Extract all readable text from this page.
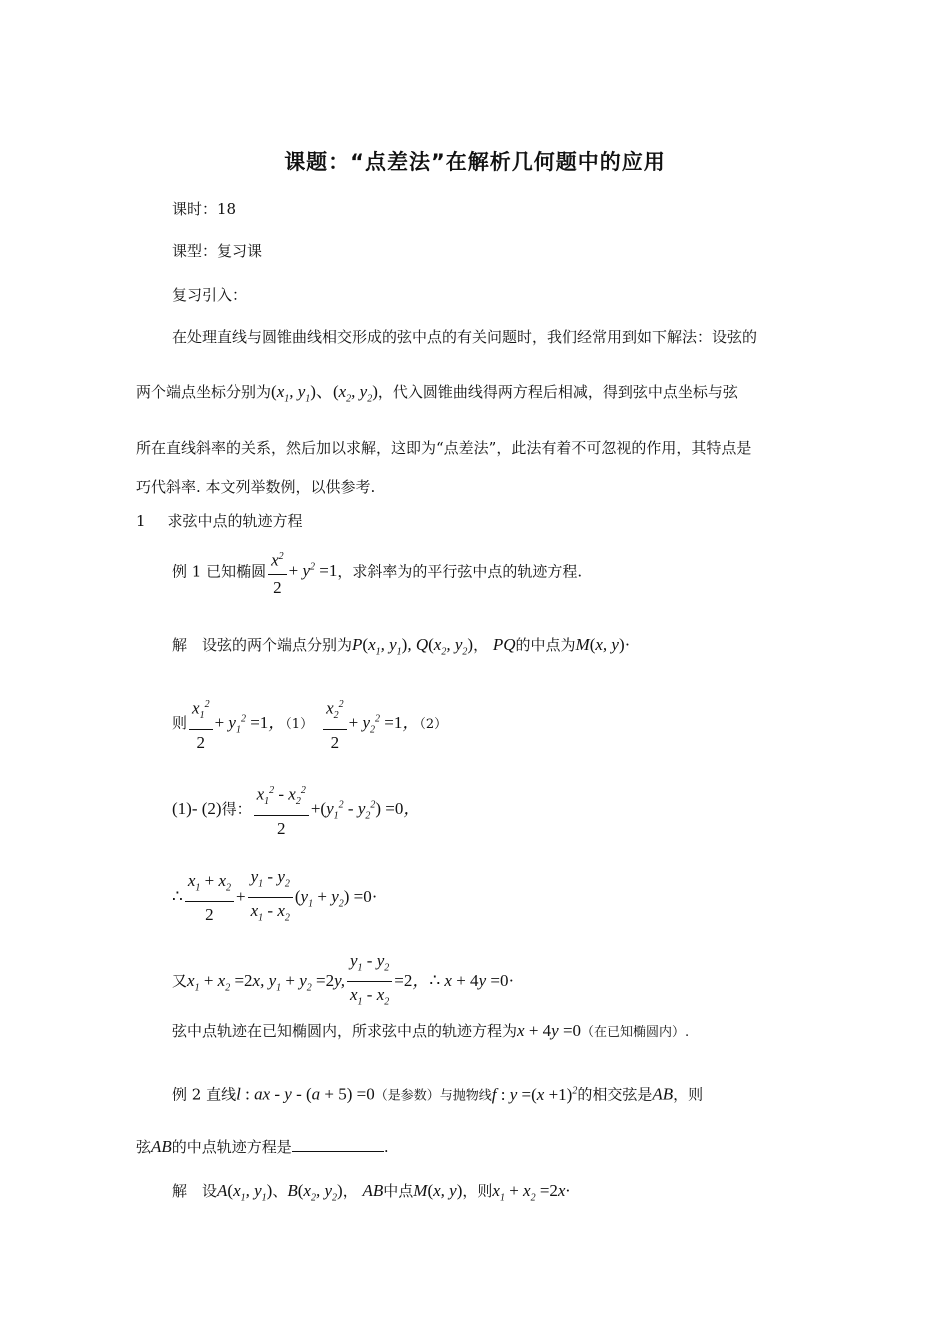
课题：“点差法”在解析几何题中的应用
课时：18
课型：复习课
复习引入：
在处理直线与圆锥曲线相交形成的弦中点的有关问题时，我们经常用到如下解法：设弦的
两个端点坐标分别为($x_1$, $y_1$)、($x_2$, $y_2$)，代入圆锥曲线得两方程后相减，得到弦中点坐标与弦
所在直线斜率的关系，然后加以求解，这即为“点差法”，此法有着不可忽视的作用，其特点是
巧代斜率. 本文列举数例，以供参考.
1 求弦中点的轨迹方程
例 1 已知椭圆 $\frac{x^2}{2} + y^2 =1$，求斜率为的平行弦中点的轨迹方程.
解　设弦的两个端点分别为$P(x_1$, $y_1$), $Q(x_2$, $y_2$)， PQ的中点为M(x, y)·
则 $\frac{x_1^2}{2} + y_1^2 =1$，$(1) \frac{x_2^2}{2} + y_2^2 =1$，（2）
(1)- (2)得： $\frac{x_1^2 - x_2^2}{2} +(y_1^2 - y_2^2) =0$，
∴ $\frac{x_1 + x_2}{2} + \frac{y_1 - y_2}{x_1 - x_2} (y_1 + y_2) =0\cdot$
又$x_1 + x_2 =2x$, $y_1 + y_2 =2y$, $\frac{y_1 - y_2}{x_1 - x_2} =2$，∴ x + 4y =0·
弦中点轨迹在已知椭圆内，所求弦中点的轨迹方程为x + 4y =0（在已知椭圆内）.
例 2 直线l : ax - y - (a + 5) =0（是参数）与抛物线f : $y =(x +1)^2$的相交弦是AB，则
弦AB的中点轨迹方程是	.
解　设$A(x_1$, $y_1$)、$B(x_2$, $y_2$)， AB中点M(x, y)，则$x_1 + x_2 =2x\cdot$
